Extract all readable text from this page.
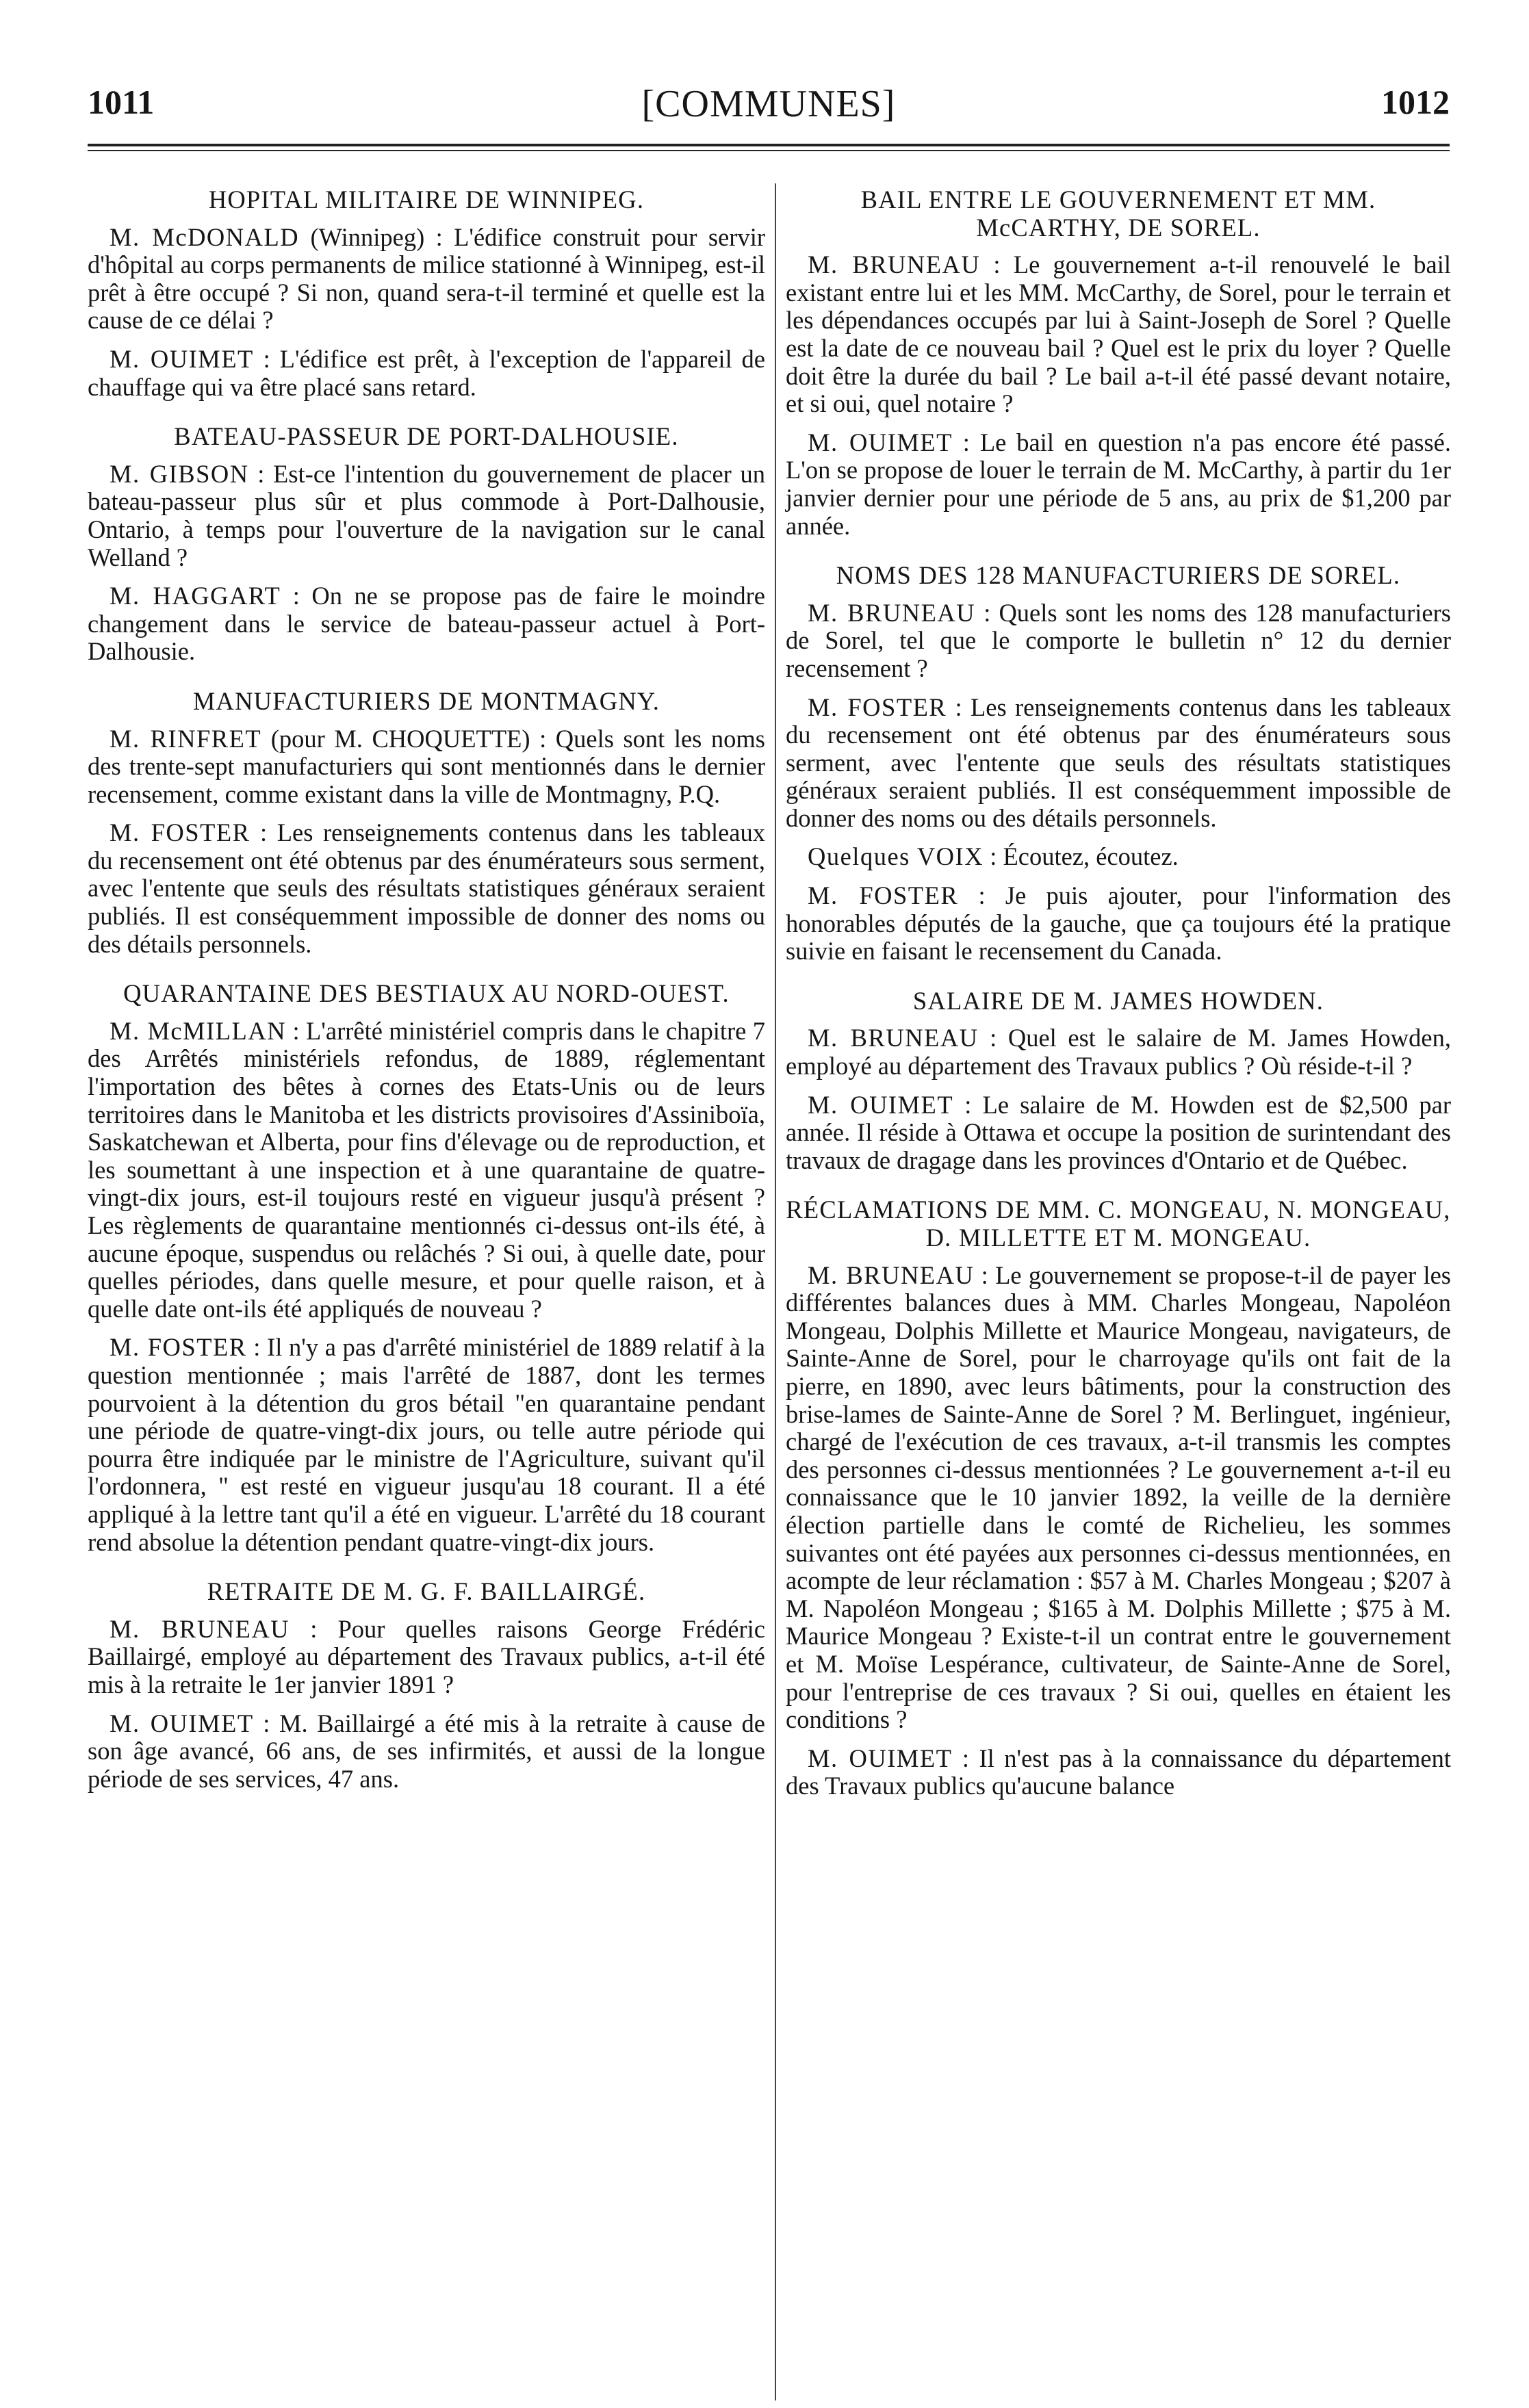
1011	[COMMUNES]	1012
HOPITAL MILITAIRE DE WINNIPEG.

M. McDONALD (Winnipeg) : L'édifice construit pour servir d'hôpital au corps permanents de milice stationné à Winnipeg, est-il prêt à être occupé ? Si non, quand sera-t-il terminé et quelle est la cause de ce délai ?

M. OUIMET : L'édifice est prêt, à l'exception de l'appareil de chauffage qui va être placé sans retard.

BATEAU-PASSEUR DE PORT-DALHOUSIE.

M. GIBSON : Est-ce l'intention du gouvernement de placer un bateau-passeur plus sûr et plus commode à Port-Dalhousie, Ontario, à temps pour l'ouverture de la navigation sur le canal Welland ?

M. HAGGART : On ne se propose pas de faire le moindre changement dans le service de bateau-passeur actuel à Port-Dalhousie.

MANUFACTURIERS DE MONTMAGNY.

M. RINFRET (pour M. CHOQUETTE) : Quels sont les noms des trente-sept manufacturiers qui sont mentionnés dans le dernier recensement, comme existant dans la ville de Montmagny, P.Q.

M. FOSTER : Les renseignements contenus dans les tableaux du recensement ont été obtenus par des énumérateurs sous serment, avec l'entente que seuls des résultats statistiques généraux seraient publiés. Il est conséquemment impossible de donner des noms ou des détails personnels.

QUARANTAINE DES BESTIAUX AU NORD-OUEST.

M. McMILLAN : L'arrêté ministériel compris dans le chapitre 7 des Arrêtés ministériels refondus, de 1889, réglementant l'importation des bêtes à cornes des Etats-Unis ou de leurs territoires dans le Manitoba et les districts provisoires d'Assiniboïa, Saskatchewan et Alberta, pour fins d'élevage ou de reproduction, et les soumettant à une inspection et à une quarantaine de quatre-vingt-dix jours, est-il toujours resté en vigueur jusqu'à présent ? Les règlements de quarantaine mentionnés ci-dessus ont-ils été, à aucune époque, suspendus ou relâchés ? Si oui, à quelle date, pour quelles périodes, dans quelle mesure, et pour quelle raison, et à quelle date ont-ils été appliqués de nouveau ?

M. FOSTER : Il n'y a pas d'arrêté ministériel de 1889 relatif à la question mentionnée ; mais l'arrêté de 1887, dont les termes pourvoient à la détention du gros bétail "en quarantaine pendant une période de quatre-vingt-dix jours, ou telle autre période qui pourra être indiquée par le ministre de l'Agriculture, suivant qu'il l'ordonnera, " est resté en vigueur jusqu'au 18 courant. Il a été appliqué à la lettre tant qu'il a été en vigueur. L'arrêté du 18 courant rend absolue la détention pendant quatre-vingt-dix jours.

RETRAITE DE M. G. F. BAILLAIRGÉ.

M. BRUNEAU : Pour quelles raisons George Frédéric Baillairgé, employé au département des Travaux publics, a-t-il été mis à la retraite le 1er janvier 1891 ?

M. OUIMET : M. Baillairgé a été mis à la retraite à cause de son âge avancé, 66 ans, de ses infirmités, et aussi de la longue période de ses services, 47 ans.

BAIL ENTRE LE GOUVERNEMENT ET MM. McCARTHY, DE SOREL.

M. BRUNEAU : Le gouvernement a-t-il renouvelé le bail existant entre lui et les MM. McCarthy, de Sorel, pour le terrain et les dépendances occupés par lui à Saint-Joseph de Sorel ? Quelle est la date de ce nouveau bail ? Quel est le prix du loyer ? Quelle doit être la durée du bail ? Le bail a-t-il été passé devant notaire, et si oui, quel notaire ?

M. OUIMET : Le bail en question n'a pas encore été passé. L'on se propose de louer le terrain de M. McCarthy, à partir du 1er janvier dernier pour une période de 5 ans, au prix de $1,200 par année.

NOMS DES 128 MANUFACTURIERS DE SOREL.

M. BRUNEAU : Quels sont les noms des 128 manufacturiers de Sorel, tel que le comporte le bulletin n° 12 du dernier recensement ?

M. FOSTER : Les renseignements contenus dans les tableaux du recensement ont été obtenus par des énumérateurs sous serment, avec l'entente que seuls des résultats statistiques généraux seraient publiés. Il est conséquemment impossible de donner des noms ou des détails personnels.

Quelques VOIX : Écoutez, écoutez.

M. FOSTER : Je puis ajouter, pour l'information des honorables députés de la gauche, que ça toujours été la pratique suivie en faisant le recensement du Canada.

SALAIRE DE M. JAMES HOWDEN.

M. BRUNEAU : Quel est le salaire de M. James Howden, employé au département des Travaux publics ? Où réside-t-il ?

M. OUIMET : Le salaire de M. Howden est de $2,500 par année. Il réside à Ottawa et occupe la position de surintendant des travaux de dragage dans les provinces d'Ontario et de Québec.

RÉCLAMATIONS DE MM. C. MONGEAU, N. MONGEAU, D. MILLETTE ET M. MONGEAU.

M. BRUNEAU : Le gouvernement se propose-t-il de payer les différentes balances dues à MM. Charles Mongeau, Napoléon Mongeau, Dolphis Millette et Maurice Mongeau, navigateurs, de Sainte-Anne de Sorel, pour le charroyage qu'ils ont fait de la pierre, en 1890, avec leurs bâtiments, pour la construction des brise-lames de Sainte-Anne de Sorel ? M. Berlinguet, ingénieur, chargé de l'exécution de ces travaux, a-t-il transmis les comptes des personnes ci-dessus mentionnées ? Le gouvernement a-t-il eu connaissance que le 10 janvier 1892, la veille de la dernière élection partielle dans le comté de Richelieu, les sommes suivantes ont été payées aux personnes ci-dessus mentionnées, en acompte de leur réclamation : $57 à M. Charles Mongeau ; $207 à M. Napoléon Mongeau ; $165 à M. Dolphis Millette ; $75 à M. Maurice Mongeau ? Existe-t-il un contrat entre le gouvernement et M. Moïse Lespérance, cultivateur, de Sainte-Anne de Sorel, pour l'entreprise de ces travaux ? Si oui, quelles en étaient les conditions ?

M. OUIMET : Il n'est pas à la connaissance du département des Travaux publics qu'aucune balance
